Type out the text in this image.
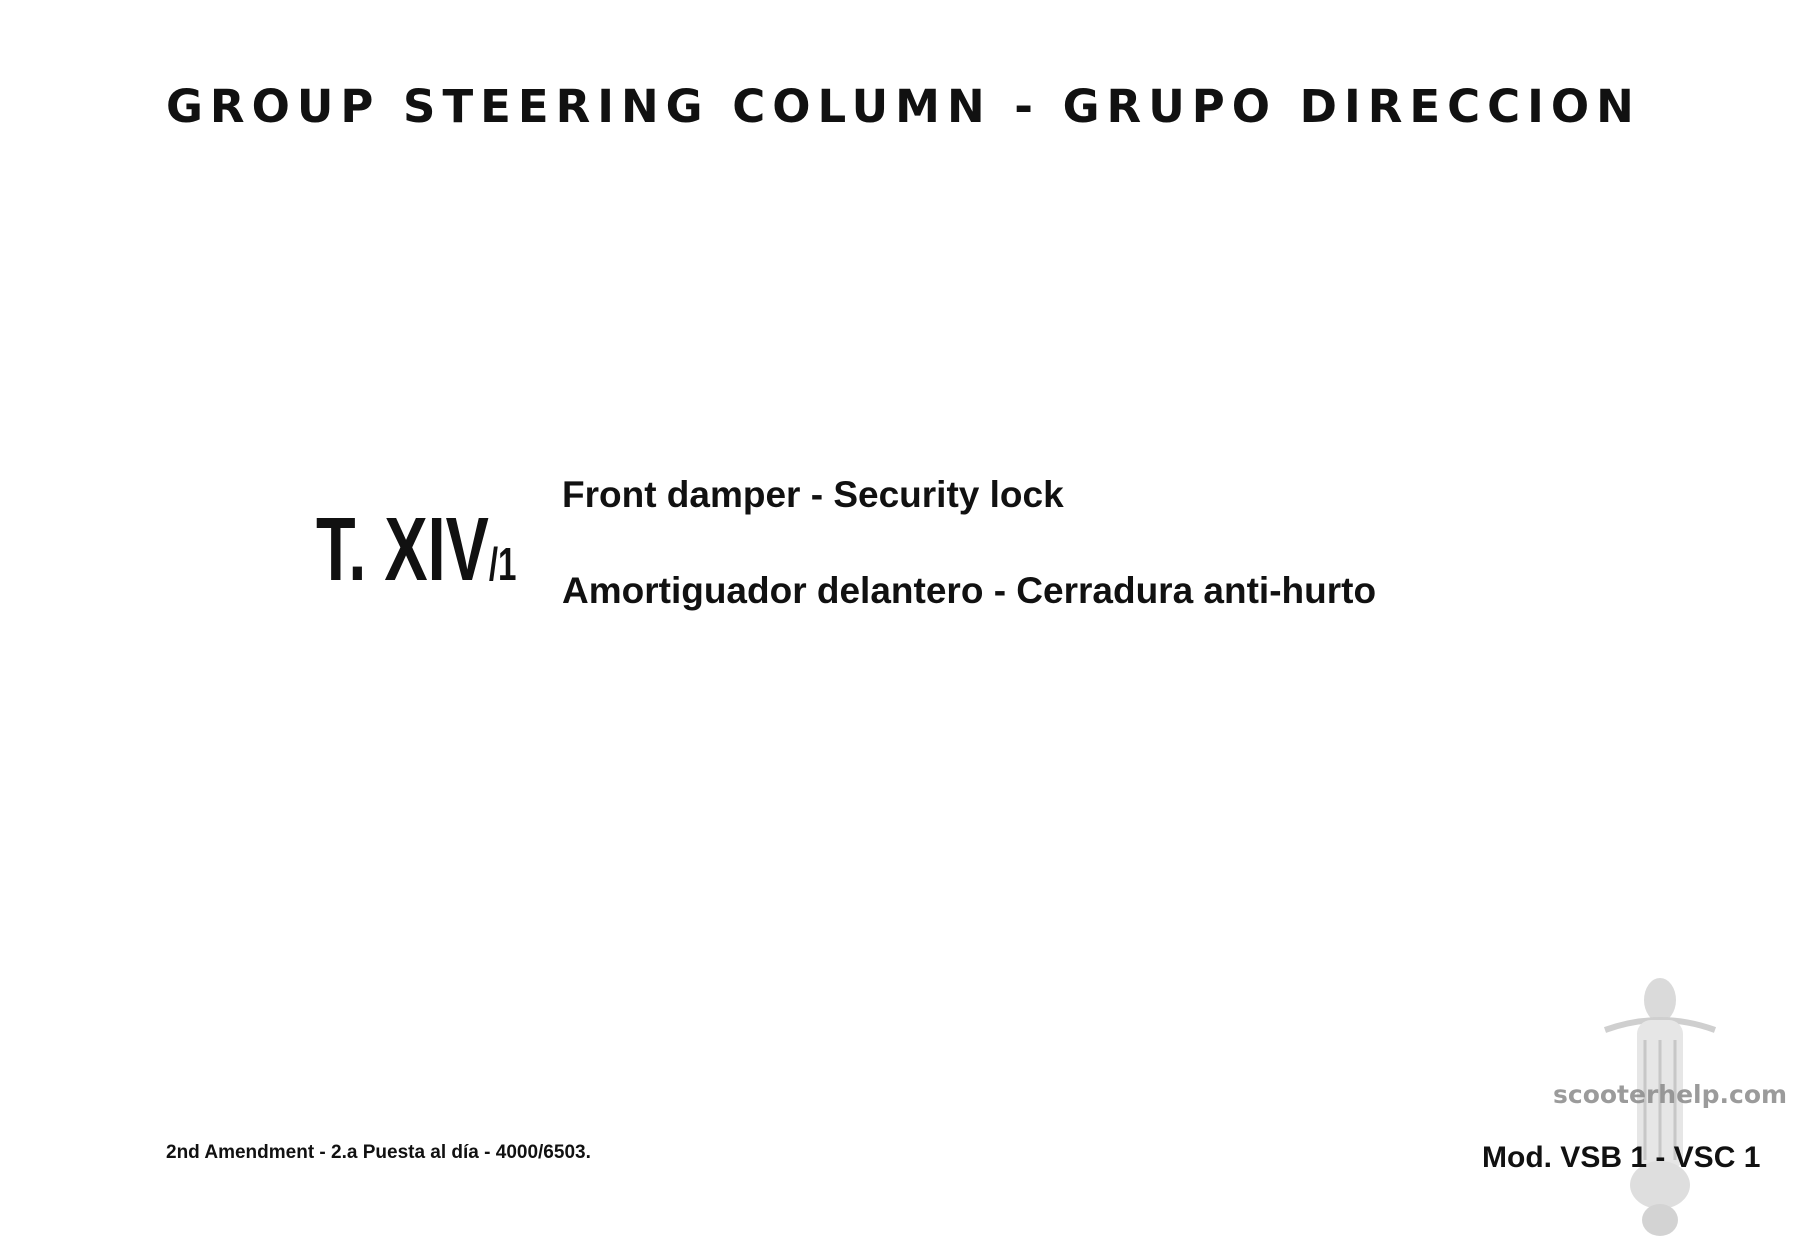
GROUP STEERING COLUMN - GRUPO DIRECCION
T. XIV/1
Front damper - Security lock
Amortiguador delantero - Cerradura anti-hurto
2nd Amendment - 2.a Puesta al día - 4000/6503.
scooterhelp.com
Mod. VSB 1 - VSC 1
